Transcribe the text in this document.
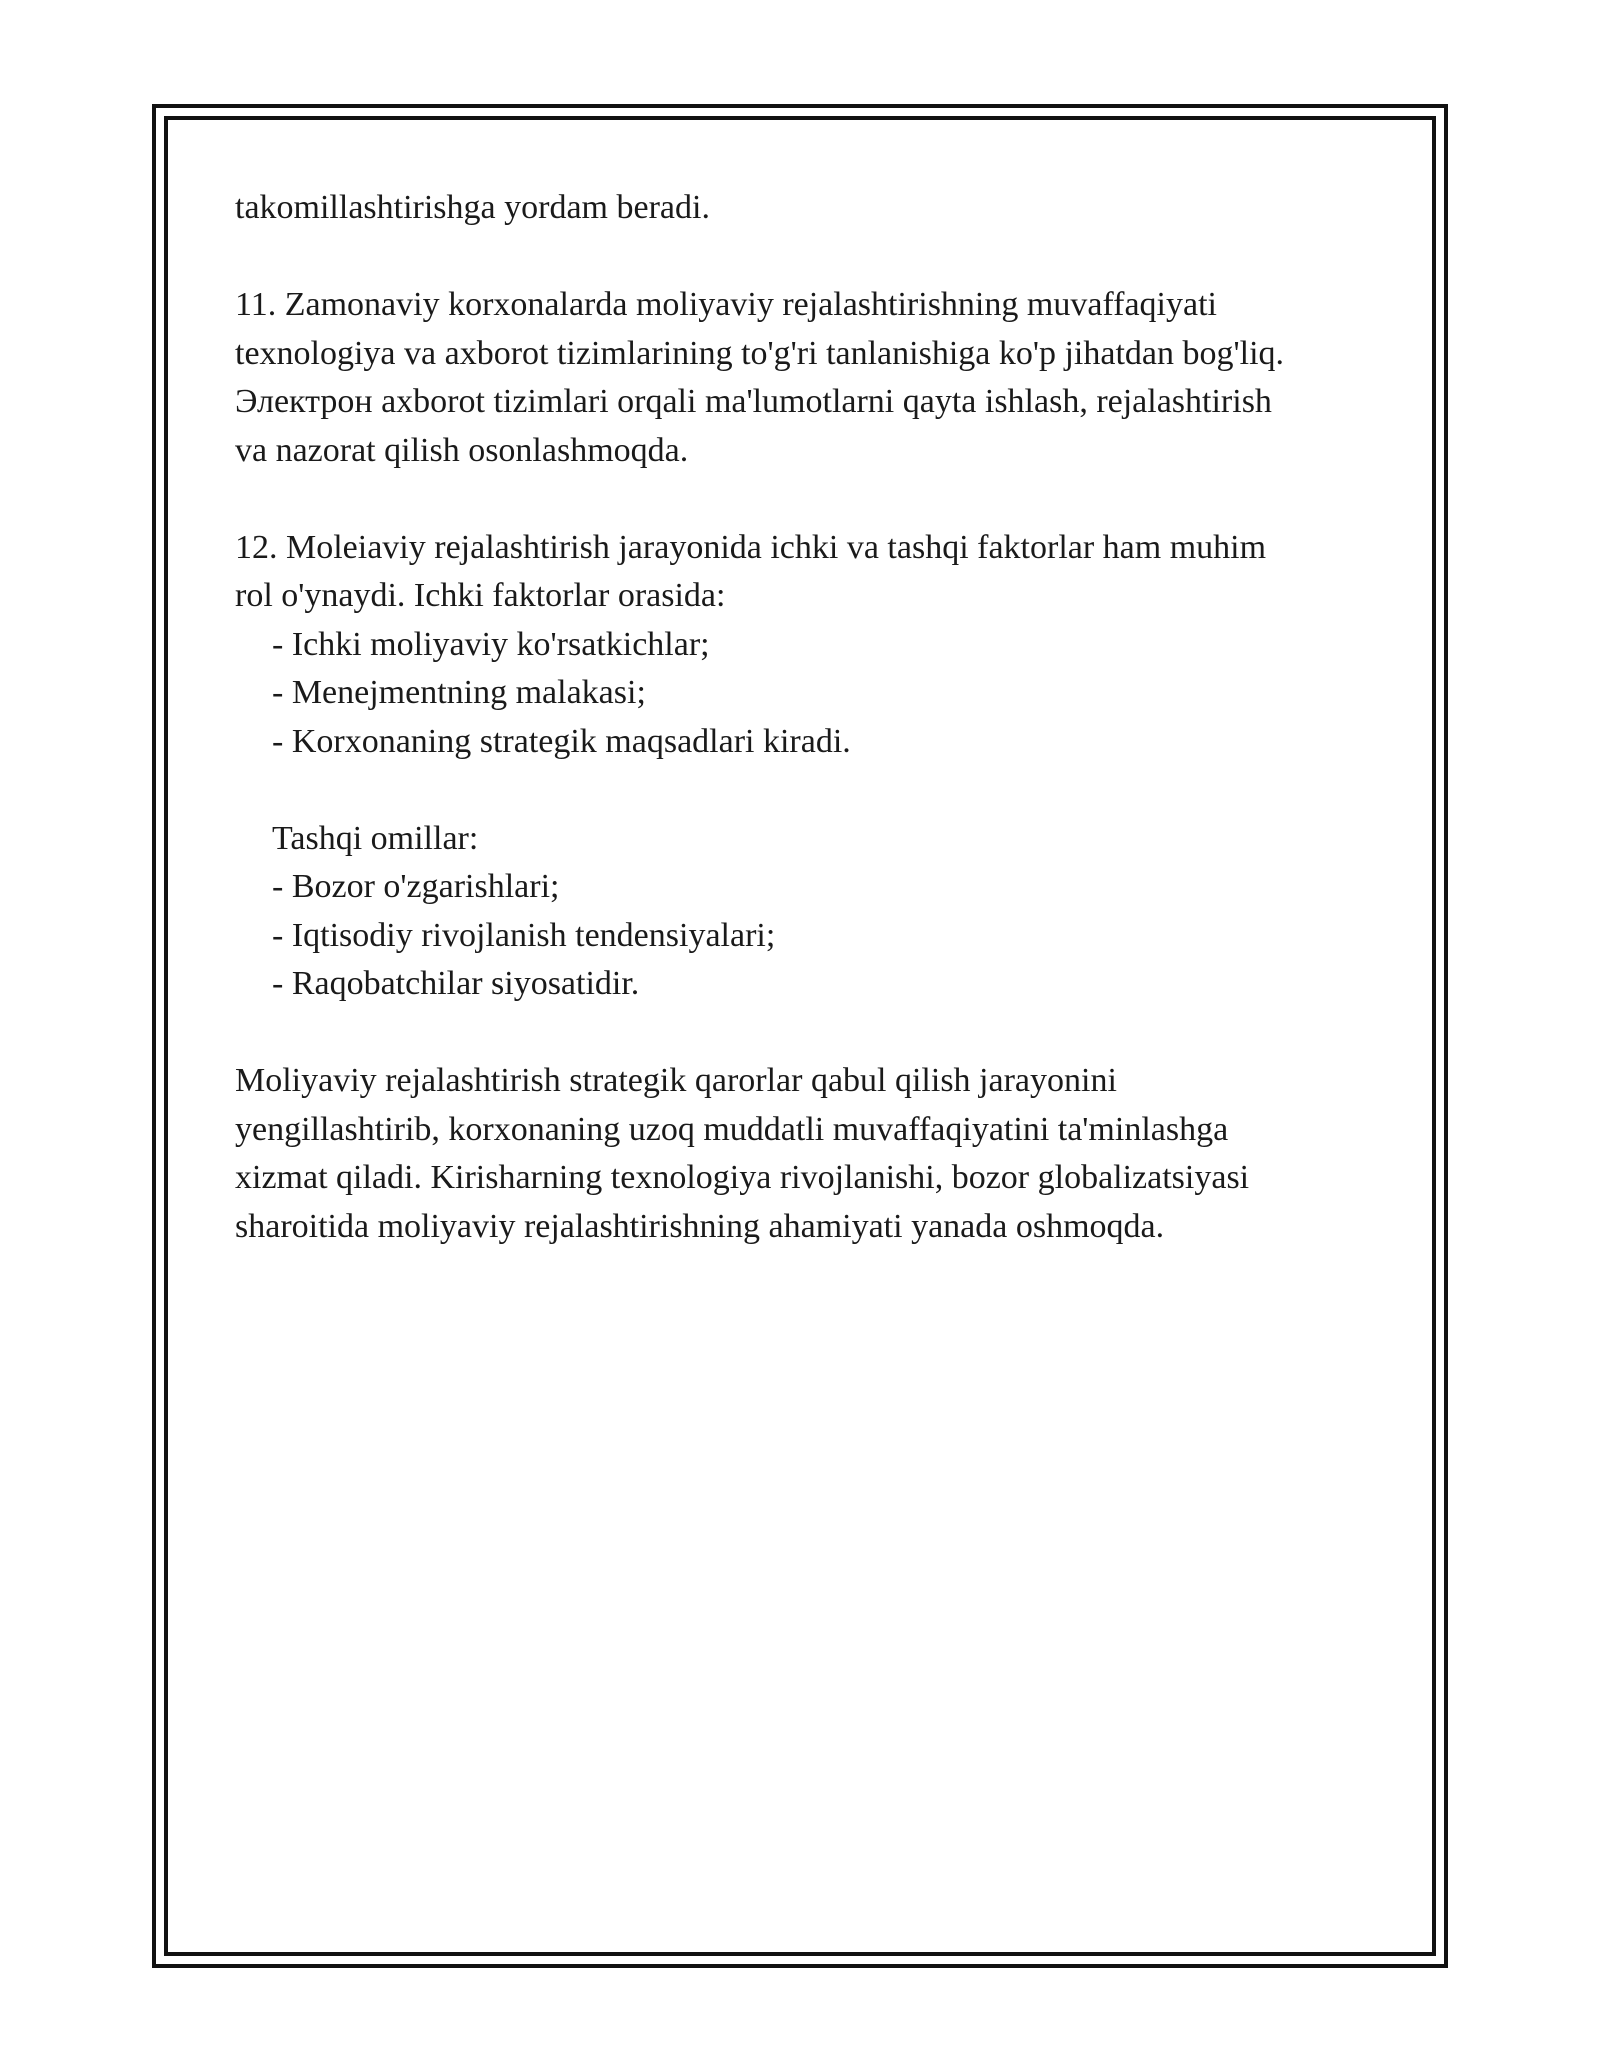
takomillashtirishgа yordam beradi.

11. Zamonaviy korxonalarda moliyaviy rejalashtirishning muvaffaqiyati

texnologiya va axborot tizimlarining to'g'ri tanlanishiga ko'p jihatdan bog'liq.

Электрон axborot tizimlari orqali ma'lumotlarni qayta ishlash, rejalashtirish

va nazorat qilish osonlashmoqda.

12. Moleiaviy rejalashtirish jarayonida ichki va tashqi faktorlar ham muhim

rol o'ynaydi. Ichki faktorlar orasida:

- Ichki moliyaviy ko'rsatkichlar;

- Menejmentning malakasi;

- Korxonaning strategik maqsadlari kiradi.

Tashqi omillar:

- Bozor o'zgarishlari;

- Iqtisodiy rivojlanish tendensiyalari;

- Raqobatchilar siyosatidir.

Moliyaviy rejalashtirish strategik qarorlar qabul qilish jarayonini

yengillashtirib, korxonaning uzoq muddatli muvaffaqiyatini ta'minlashga

xizmat qiladi. Kirisharning texnologiya rivojlanishi, bozor globalizatsiyasi

sharoitida moliyaviy rejalashtirishning ahamiyati yanada oshmoqda.
